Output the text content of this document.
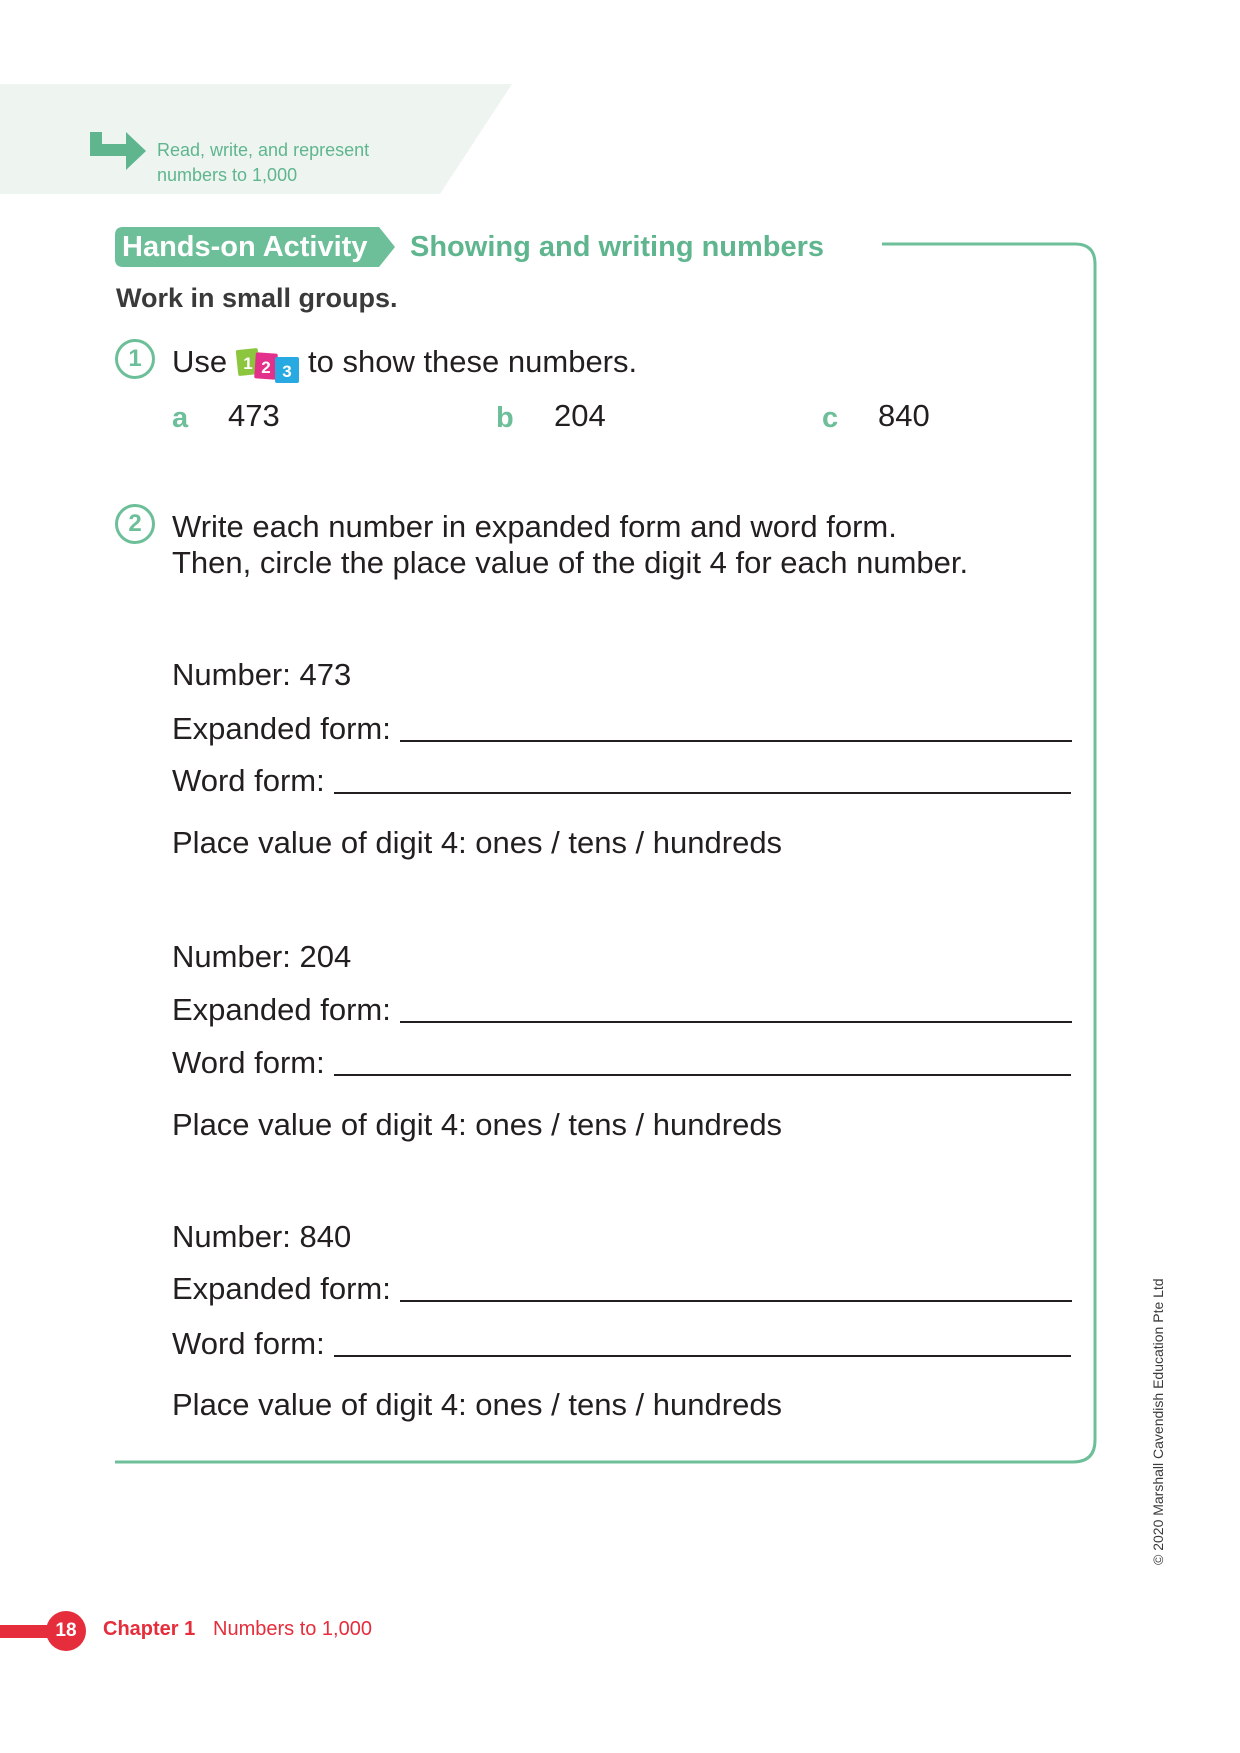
Read, write, and represent
numbers to 1,000
Hands-on Activity Showing and writing numbers
Work in small groups.
1 Use 1 2 3 to show these numbers.
a 473	b 204	c 840
2 Write each number in expanded form and word form.
Then, circle the place value of the digit 4 for each number.
Number: 473
Expanded form:
Word form:
Place value of digit 4: ones / tens / hundreds
Number: 204
Expanded form:
Word form:
Place value of digit 4: ones / tens / hundreds
Number: 840
Expanded form:
Word form:
Place value of digit 4: ones / tens / hundreds
18	Chapter 1 Numbers to 1,000
© 2020 Marshall Cavendish Education Pte Ltd
